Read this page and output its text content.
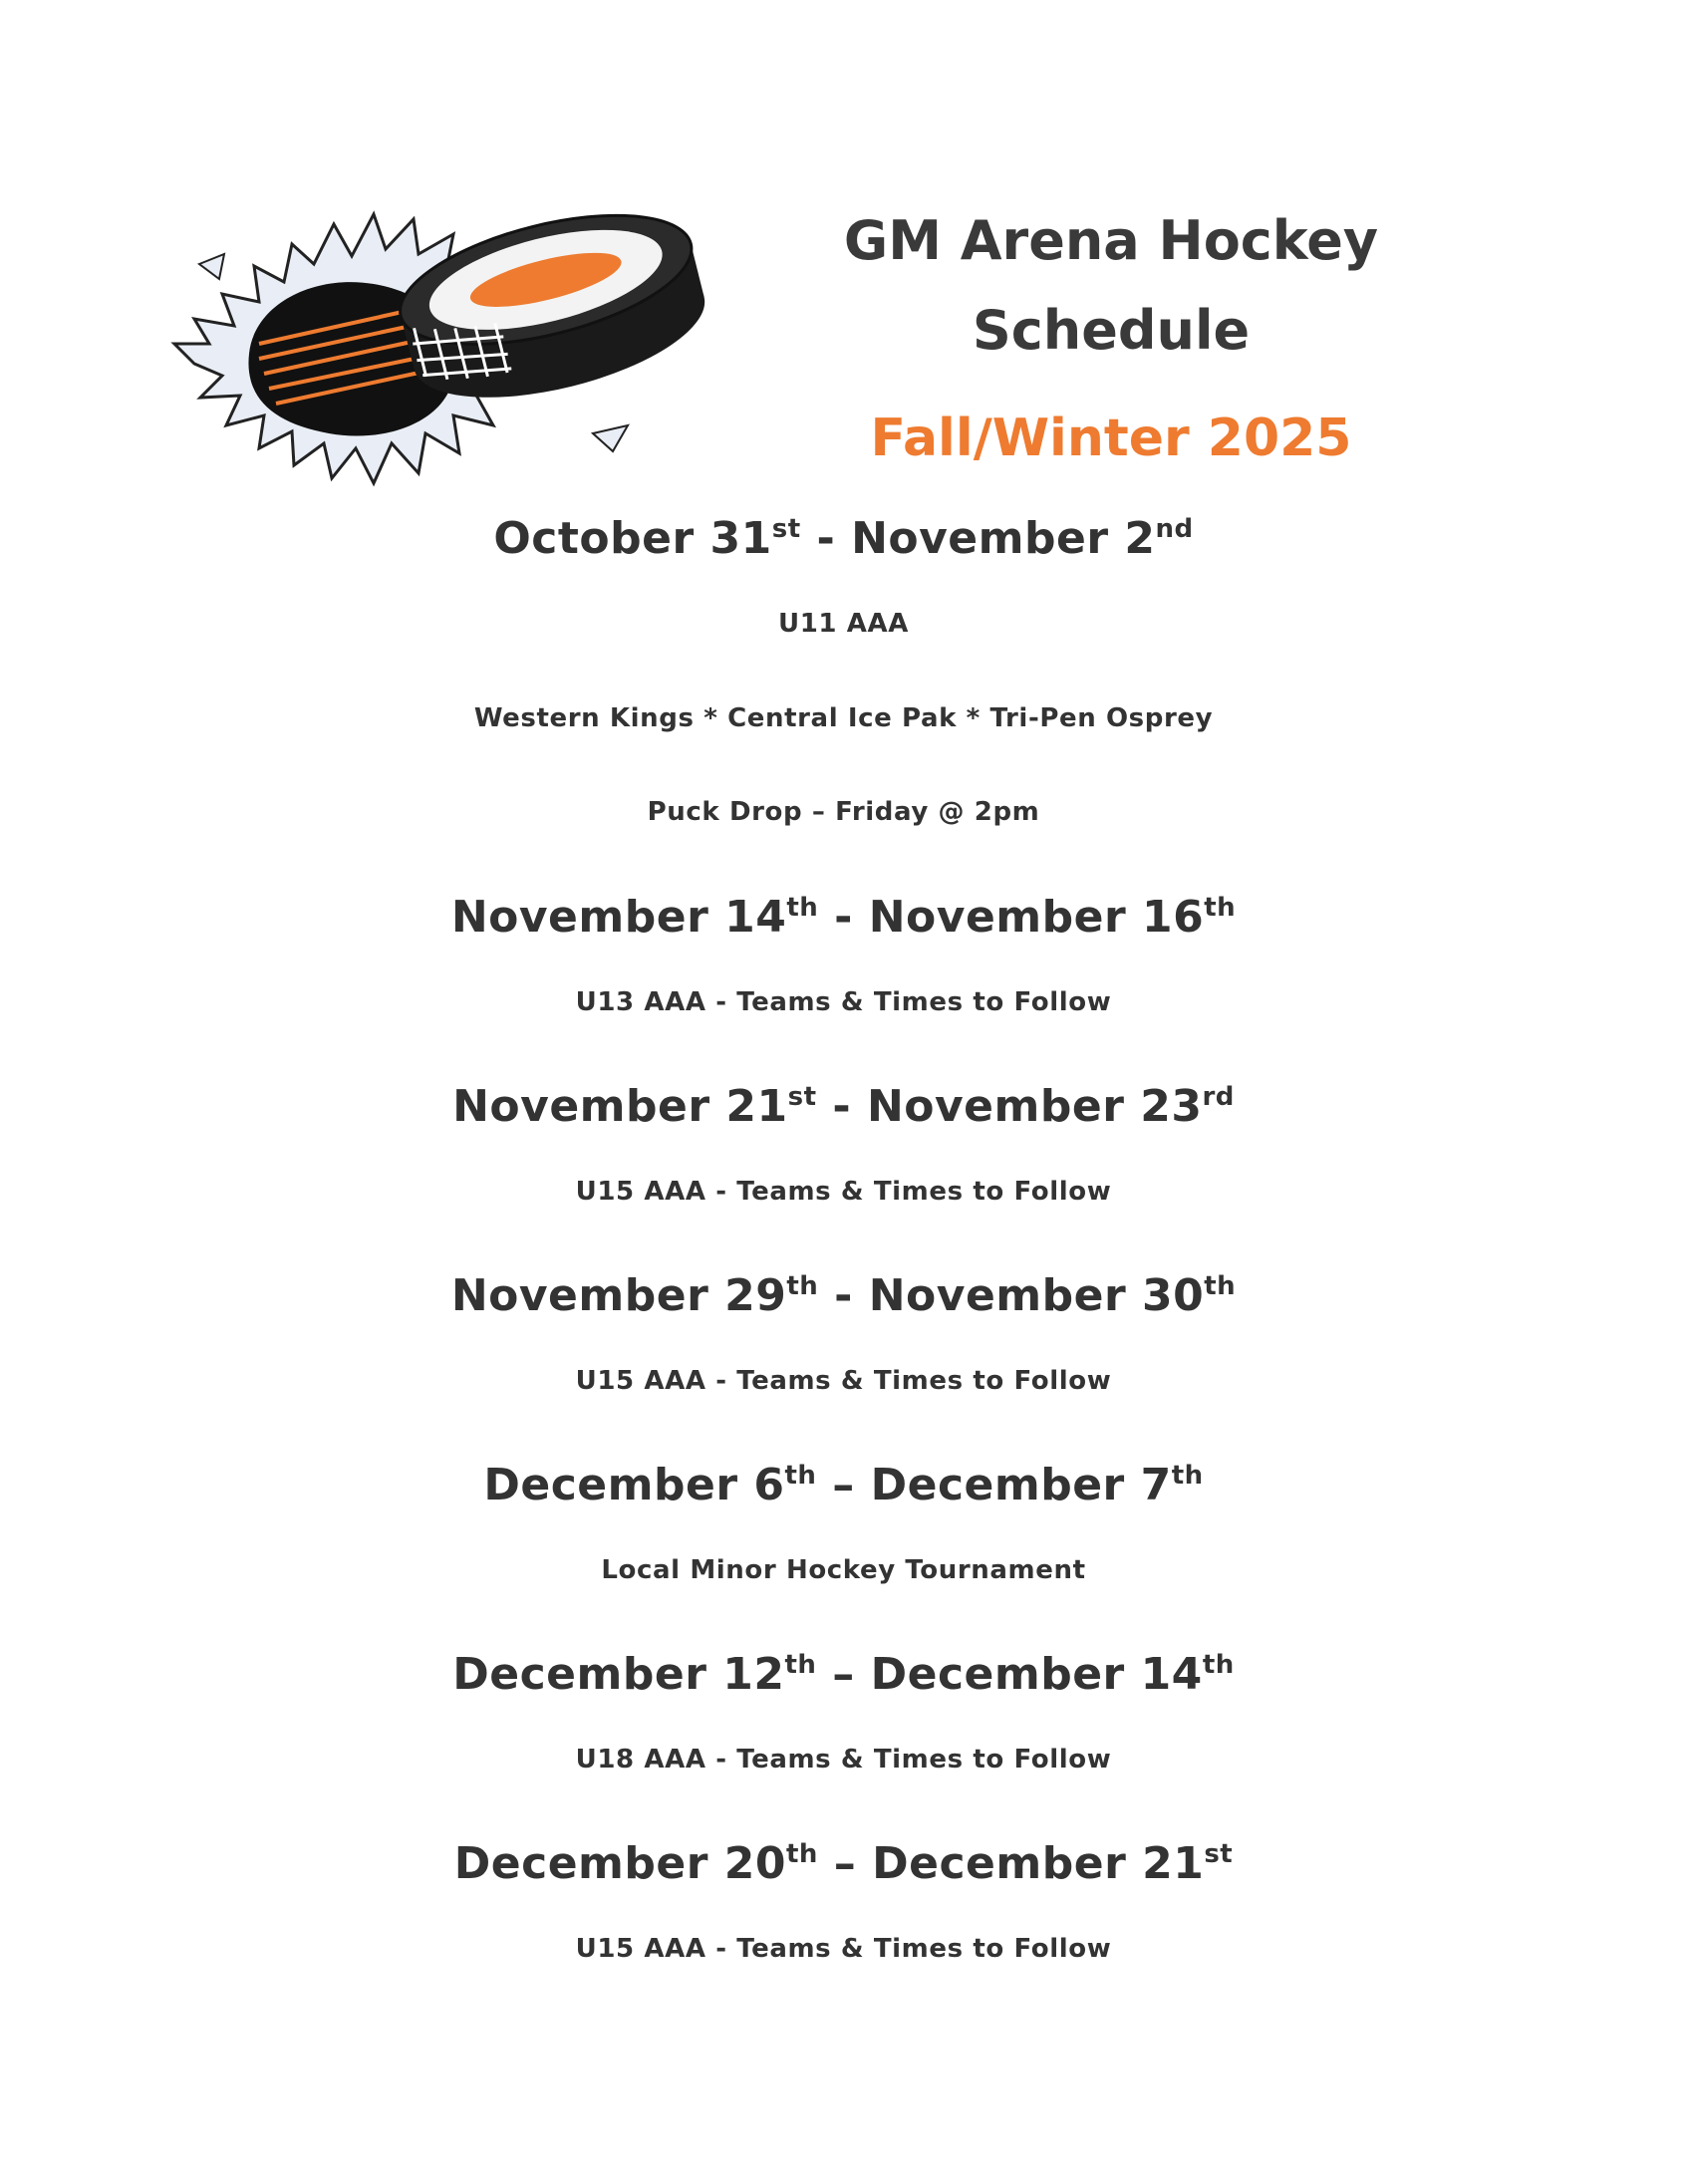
GM Arena Hockey
Schedule
Fall/Winter 2025
October 31st - November 2nd
U11 AAA
Western Kings * Central Ice Pak * Tri-Pen Osprey
Puck Drop – Friday @ 2pm
November 14th - November 16th
U13 AAA - Teams & Times to Follow
November 21st - November 23rd
U15 AAA - Teams & Times to Follow
November 29th - November 30th
U15 AAA - Teams & Times to Follow
December 6th – December 7th
Local Minor Hockey Tournament
December 12th – December 14th
U18 AAA - Teams & Times to Follow
December 20th – December 21st
U15 AAA - Teams & Times to Follow
